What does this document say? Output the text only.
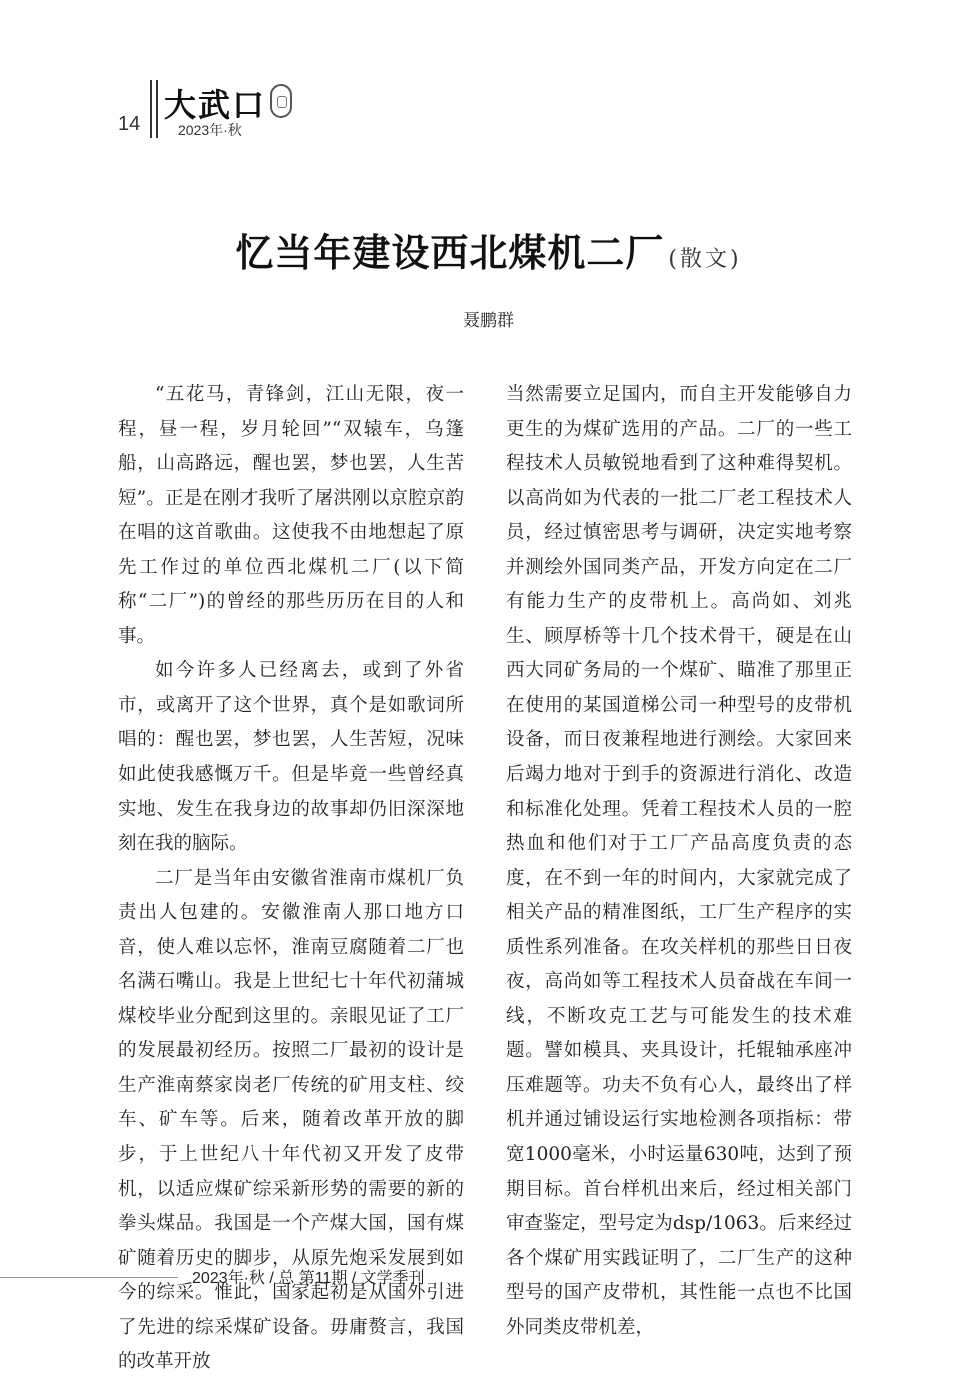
14 大武口
2023年·秋
忆当年建设西北煤机二厂 (散文)
聂鹏群

“五花马，青锋剑，江山无限，夜一程，昼一程，岁月轮回”“双辕车，乌篷船，山高路远，醒也罢，梦也罢，人生苦短”。正是在刚才我听了屠洪刚以京腔京韵在唱的这首歌曲。这使我不由地想起了原先工作过的单位西北煤机二厂(以下简称“二厂”)的曾经的那些历历在目的人和事。

如今许多人已经离去，或到了外省市，或离开了这个世界，真个是如歌词所唱的：醒也罢，梦也罢，人生苦短，况味如此使我感慨万千。但是毕竟一些曾经真实地、发生在我身边的故事却仍旧深深地刻在我的脑际。

二厂是当年由安徽省淮南市煤机厂负责出人包建的。安徽淮南人那口地方口音，使人难以忘怀，淮南豆腐随着二厂也名满石嘴山。我是上世纪七十年代初蒲城煤校毕业分配到这里的。亲眼见证了工厂的发展最初经历。按照二厂最初的设计是生产淮南蔡家岗老厂传统的矿用支柱、绞车、矿车等。后来，随着改革开放的脚步，于上世纪八十年代初又开发了皮带机，以适应煤矿综采新形势的需要的新的拳头煤品。我国是一个产煤大国，国有煤矿随着历史的脚步，从原先炮采发展到如今的综采。惟此，国家起初是从国外引进了先进的综采煤矿设备。毋庸赘言，我国的改革开放

当然需要立足国内，而自主开发能够自力更生的为煤矿选用的产品。二厂的一些工程技术人员敏锐地看到了这种难得契机。以高尚如为代表的一批二厂老工程技术人员，经过慎密思考与调研，决定实地考察并测绘外国同类产品，开发方向定在二厂有能力生产的皮带机上。高尚如、刘兆生、顾厚桥等十几个技术骨干，硬是在山西大同矿务局的一个煤矿、瞄准了那里正在使用的某国道梯公司一种型号的皮带机设备，而日夜兼程地进行测绘。大家回来后竭力地对于到手的资源进行消化、改造和标准化处理。凭着工程技术人员的一腔热血和他们对于工厂产品高度负责的态度，在不到一年的时间内，大家就完成了相关产品的精准图纸，工厂生产程序的实质性系列准备。在攻关样机的那些日日夜夜，高尚如等工程技术人员奋战在车间一线，不断攻克工艺与可能发生的技术难题。譬如模具、夹具设计，托辊轴承座冲压难题等。功夫不负有心人，最终出了样机并通过铺设运行实地检测各项指标：带宽1000毫米，小时运量630吨，达到了预期目标。首台样机出来后，经过相关部门审查鉴定，型号定为dsp/1063。后来经过各个煤矿用实践证明了，二厂生产的这种型号的国产皮带机，其性能一点也不比国外同类皮带机差，

2023年·秋 / 总 第11期 / 文学季刊
